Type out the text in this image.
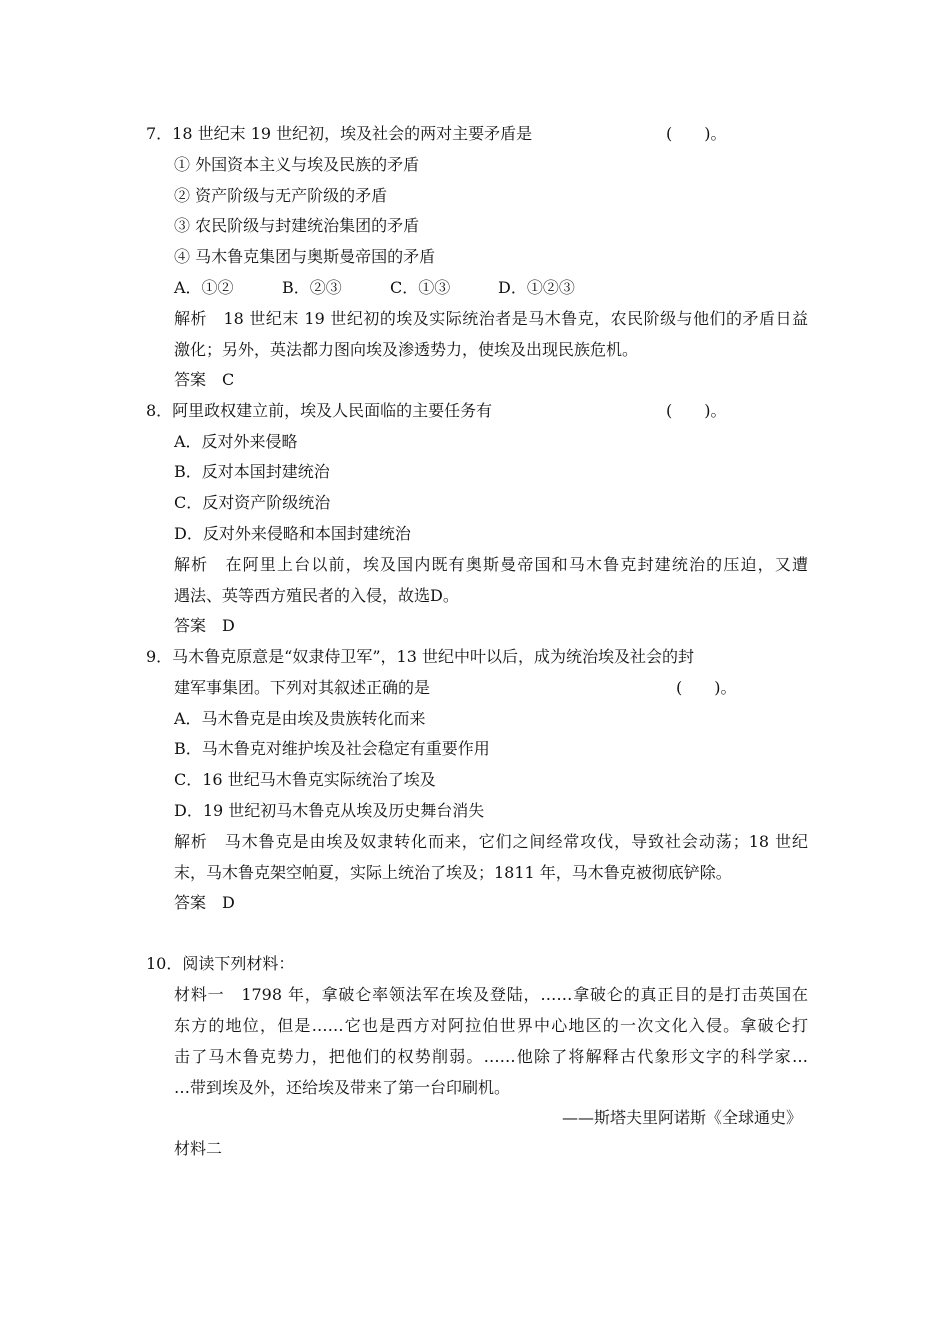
7．18 世纪末 19 世纪初，埃及社会的两对主要矛盾是	(　　)。
① 外国资本主义与埃及民族的矛盾
② 资产阶级与无产阶级的矛盾
③ 农民阶级与封建统治集团的矛盾
④ 马木鲁克集团与奥斯曼帝国的矛盾
A．①②	B．②③	C．①③	D．①②③
解析　18 世纪末 19 世纪初的埃及实际统治者是马木鲁克，农民阶级与他们的矛盾日益
激化；另外，英法都力图向埃及渗透势力，使埃及出现民族危机。
答案　C
8．阿里政权建立前，埃及人民面临的主要任务有	(　　)。
A．反对外来侵略
B．反对本国封建统治
C．反对资产阶级统治
D．反对外来侵略和本国封建统治
解析　在阿里上台以前，埃及国内既有奥斯曼帝国和马木鲁克封建统治的压迫，又遭
遇法、英等西方殖民者的入侵，故选D。
答案　D
9．马木鲁克原意是“奴隶侍卫军”，13 世纪中叶以后，成为统治埃及社会的封
建军事集团。下列对其叙述正确的是	(　　)。
A．马木鲁克是由埃及贵族转化而来
B．马木鲁克对维护埃及社会稳定有重要作用
C．16 世纪马木鲁克实际统治了埃及
D．19 世纪初马木鲁克从埃及历史舞台消失
解析　马木鲁克是由埃及奴隶转化而来，它们之间经常攻伐，导致社会动荡；18 世纪
末，马木鲁克架空帕夏，实际上统治了埃及；1811 年，马木鲁克被彻底铲除。
答案　D
10．阅读下列材料：
材料一　1798 年，拿破仑率领法军在埃及登陆，……拿破仑的真正目的是打击英国在
东方的地位，但是……它也是西方对阿拉伯世界中心地区的一次文化入侵。拿破仑打
击了马木鲁克势力，把他们的权势削弱。……他除了将解释古代象形文字的科学家…
…带到埃及外，还给埃及带来了第一台印刷机。
——斯塔夫里阿诺斯《全球通史》
材料二
